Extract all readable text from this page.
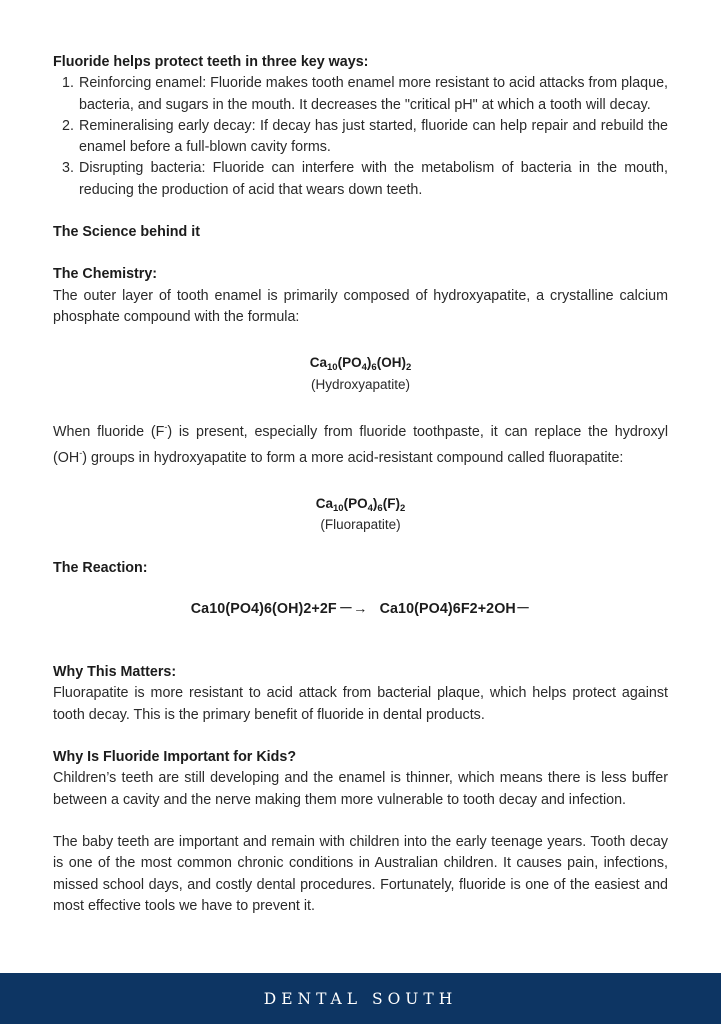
Fluoride helps protect teeth in three key ways:

1. Reinforcing enamel: Fluoride makes tooth enamel more resistant to acid attacks from plaque, bacteria, and sugars in the mouth. It decreases the "critical pH" at which a tooth will decay.
2. Remineralising early decay: If decay has just started, fluoride can help repair and rebuild the enamel before a full-blown cavity forms.
3. Disrupting bacteria: Fluoride can interfere with the metabolism of bacteria in the mouth, reducing the production of acid that wears down teeth.

The Science behind it

The Chemistry:

The outer layer of tooth enamel is primarily composed of hydroxyapatite, a crystalline calcium phosphate compound with the formula:

$Ca_{10}(PO_4)_6(OH)_2$

(Hydroxyapatite)

When fluoride (F-) is present, especially from fluoride toothpaste, it can replace the hydroxyl (OH-) groups in hydroxyapatite to form a more acid-resistant compound called fluorapatite:

$Ca_{10}(PO_4)_6(F)_2$

(Fluorapatite)

The Reaction:

Ca10(PO4)6(OH)2+2F －→ Ca10(PO4)6F2+2OH－

Why This Matters:

Fluorapatite is more resistant to acid attack from bacterial plaque, which helps protect against tooth decay. This is the primary benefit of fluoride in dental products.

Why Is Fluoride Important for Kids?

Children’s teeth are still developing and the enamel is thinner, which means there is less buffer between a cavity and the nerve making them more vulnerable to tooth decay and infection.

The baby teeth are important and remain with children into the early teenage years. Tooth decay is one of the most common chronic conditions in Australian children. It causes pain, infections, missed school days, and costly dental procedures. Fortunately, fluoride is one of the easiest and most effective tools we have to prevent it.

DENTAL SOUTH
